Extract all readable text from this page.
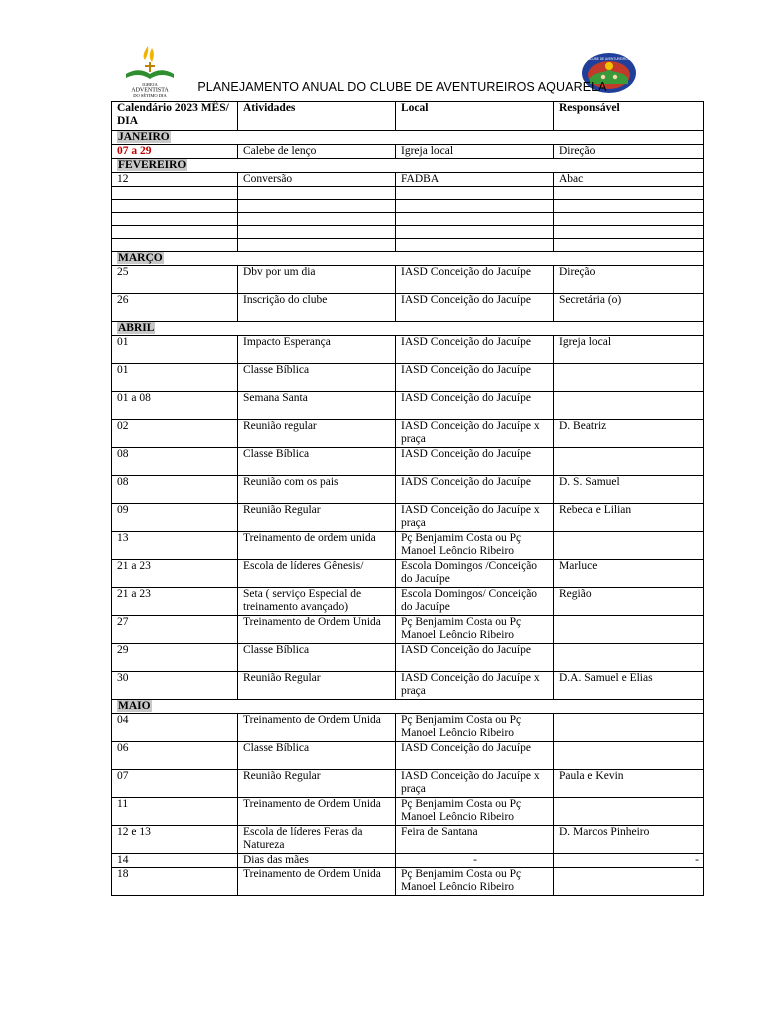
IGREJA
ADVENTISTA
DO SÉTIMO DIA
CLUBE DE AVENTUREIROS
PLANEJAMENTO ANUAL DO CLUBE DE AVENTUREIROS AQUARELA
Calendário 2023 MÊS/ DIA	Atividades	Local	Responsável
JANEIRO			
07 a 29	Calebe de lenço	Igreja local	Direção
FEVEREIRO			
12	Conversão	FADBA	Abac

MARÇO			
25	Dbv por um dia	IASD Conceição do Jacuípe	Direção
26	Inscrição do clube	IASD Conceição do Jacuípe	Secretária (o)
ABRIL			
01	Impacto Esperança	IASD Conceição do Jacuípe	Igreja local
01	Classe Bíblica	IASD Conceição do Jacuípe	
01 a 08	Semana Santa	IASD Conceição do Jacuípe	
02	Reunião regular	IASD Conceição do Jacuípe x praça	D. Beatriz
08	Classe Bíblica	IASD Conceição do Jacuípe	
08	Reunião com os pais	IADS Conceição do Jacuípe	D. S. Samuel
09	Reunião Regular	IASD Conceição do Jacuípe x praça	Rebeca e Lilian
13	Treinamento de ordem unida	Pç Benjamim Costa ou Pç Manoel Leôncio Ribeiro	
21 a 23	Escola de líderes Gênesis/	Escola Domingos /Conceição do Jacuípe	Marluce
21 a 23	Seta ( serviço Especial de treinamento avançado)	Escola Domingos/ Conceição do Jacuípe	Região
27	Treinamento de Ordem Unida	Pç Benjamim Costa ou Pç Manoel Leôncio Ribeiro	
29	Classe Bíblica	IASD Conceição do Jacuípe	
30	Reunião Regular	IASD Conceição do Jacuípe x praça	D.A. Samuel e Elias
MAIO			
04	Treinamento de Ordem Unida	Pç Benjamim Costa ou Pç Manoel Leôncio Ribeiro	
06	Classe Bíblica	IASD Conceição do Jacuípe	
07	Reunião Regular	IASD Conceição do Jacuípe x praça	Paula e Kevin
11	Treinamento de Ordem Unida	Pç Benjamim Costa ou Pç Manoel Leôncio Ribeiro	
12 e 13	Escola de líderes Feras da Natureza	Feira de Santana	D. Marcos Pinheiro
14	Dias das mães	-	-
18	Treinamento de Ordem Unida	Pç Benjamim Costa ou Pç Manoel Leôncio Ribeiro	
